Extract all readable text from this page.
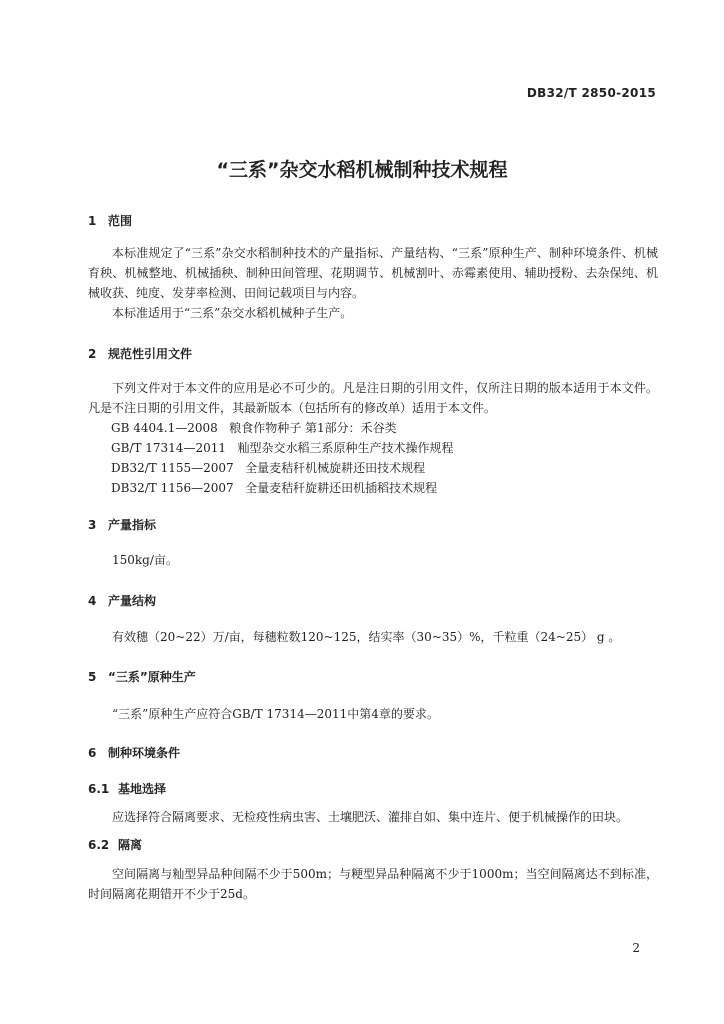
DB32/T 2850-2015
“三系”杂交水稻机械制种技术规程
1 范围
本标准规定了“三系”杂交水稻制种技术的产量指标、产量结构、“三系”原种生产、制种环境条件、机械育秧、机械整地、机械插秧、制种田间管理、花期调节、机械割叶、赤霉素使用、辅助授粉、去杂保纯、机械收获、纯度、发芽率检测、田间记载项目与内容。
本标准适用于“三系”杂交水稻机械种子生产。
2 规范性引用文件
下列文件对于本文件的应用是必不可少的。凡是注日期的引用文件，仅所注日期的版本适用于本文件。凡是不注日期的引用文件，其最新版本（包括所有的修改单）适用于本文件。
GB 4404.1—2008 粮食作物种子 第1部分：禾谷类
GB/T 17314—2011 籼型杂交水稻三系原种生产技术操作规程
DB32/T 1155—2007 全量麦秸秆机械旋耕还田技术规程
DB32/T 1156—2007 全量麦秸秆旋耕还田机插稻技术规程
3 产量指标
150kg/亩。
4 产量结构
有效穗（20~22）万/亩，每穗粒数120~125，结实率（30~35）%，千粒重（24~25） g 。
5 “三系”原种生产
“三系”原种生产应符合GB/T 17314—2011中第4章的要求。
6 制种环境条件
6.1 基地选择
应选择符合隔离要求、无检疫性病虫害、土壤肥沃、灌排自如、集中连片、便于机械操作的田块。
6.2 隔离
空间隔离与籼型异品种间隔不少于500m；与粳型异品种隔离不少于1000m；当空间隔离达不到标准，时间隔离花期错开不少于25d。
2
